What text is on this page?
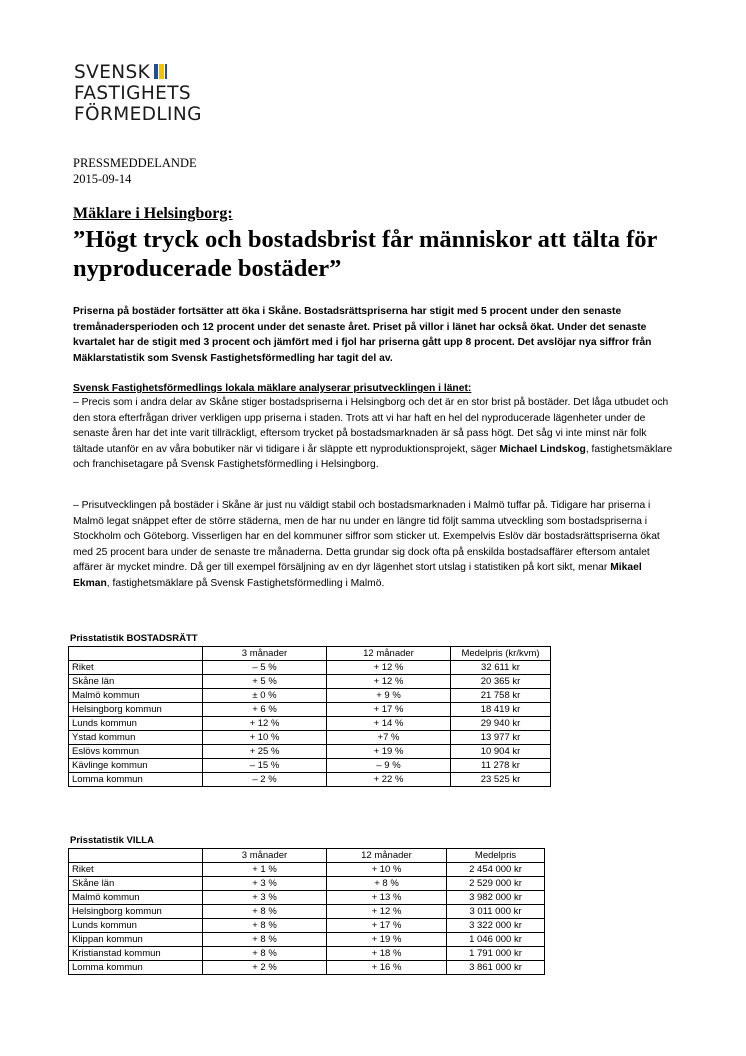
SVENSK
FASTIGHETS
FÖRMEDLING
PRESSMEDDELANDE
2015-09-14
Mäklare i Helsingborg:
”Högt tryck och bostadsbrist får människor att tälta för nyproducerade bostäder”
Priserna på bostäder fortsätter att öka i Skåne. Bostadsrättspriserna har stigit med 5 procent under den senaste tremånadersperioden och 12 procent under det senaste året. Priset på villor i länet har också ökat. Under det senaste kvartalet har de stigit med 3 procent och jämfört med i fjol har priserna gått upp 8 procent. Det avslöjar nya siffror från Mäklarstatistik som Svensk Fastighetsförmedling har tagit del av.
Svensk Fastighetsförmedlings lokala mäklare analyserar prisutvecklingen i länet:
– Precis som i andra delar av Skåne stiger bostadspriserna i Helsingborg och det är en stor brist på bostäder. Det låga utbudet och den stora efterfrågan driver verkligen upp priserna i staden. Trots att vi har haft en hel del nyproducerade lägenheter under de senaste åren har det inte varit tillräckligt, eftersom trycket på bostadsmarknaden är så pass högt. Det såg vi inte minst när folk tältade utanför en av våra bobutiker när vi tidigare i år släppte ett nyproduktionsprojekt, säger Michael Lindskog, fastighetsmäklare och franchisetagare på Svensk Fastighetsförmedling i Helsingborg.
– Prisutvecklingen på bostäder i Skåne är just nu väldigt stabil och bostadsmarknaden i Malmö tuffar på. Tidigare har priserna i Malmö legat snäppet efter de större städerna, men de har nu under en längre tid följt samma utveckling som bostadspriserna i Stockholm och Göteborg. Visserligen har en del kommuner siffror som sticker ut. Exempelvis Eslöv där bostadsrättspriserna ökat med 25 procent bara under de senaste tre månaderna. Detta grundar sig dock ofta på enskilda bostadsaffärer eftersom antalet affärer är mycket mindre. Då ger till exempel försäljning av en dyr lägenhet stort utslag i statistiken på kort sikt, menar Mikael Ekman, fastighetsmäklare på Svensk Fastighetsförmedling i Malmö.
Prisstatistik BOSTADSRÄTT
	3 månader	12 månader	Medelpris (kr/kvm)
Riket	– 5 %	+ 12 %	32 611 kr
Skåne län	+ 5 %	+ 12 %	20 365 kr
Malmö kommun	± 0 %	+ 9 %	21 758 kr
Helsingborg kommun	+ 6 %	+ 17 %	18 419 kr
Lunds kommun	+ 12 %	+ 14 %	29 940 kr
Ystad kommun	+ 10 %	+7 %	13 977 kr
Eslövs kommun	+ 25 %	+ 19 %	10 904 kr
Kävlinge kommun	– 15 %	– 9 %	11 278 kr
Lomma kommun	– 2 %	+ 22 %	23 525 kr
Prisstatistik VILLA
	3 månader	12 månader	Medelpris
Riket	+ 1 %	+ 10 %	2 454 000 kr
Skåne län	+ 3 %	+ 8 %	2 529 000 kr
Malmö kommun	+ 3 %	+ 13 %	3 982 000 kr
Helsingborg kommun	+ 8 %	+ 12 %	3 011 000 kr
Lunds kommun	+ 8 %	+ 17 %	3 322 000 kr
Klippan kommun	+ 8 %	+ 19 %	1 046 000 kr
Kristianstad kommun	+ 8 %	+ 18 %	1 791 000 kr
Lomma kommun	+ 2 %	+ 16 %	3 861 000 kr
